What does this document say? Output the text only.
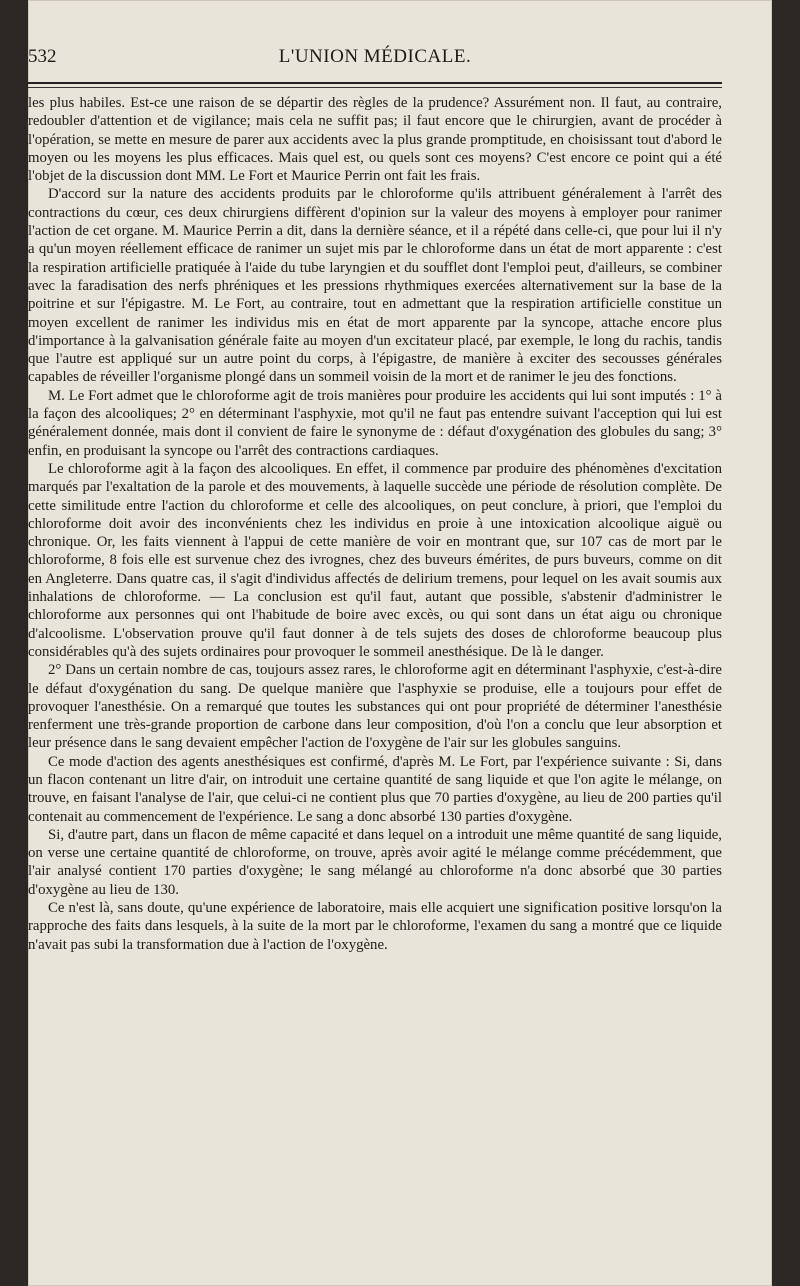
532	L'UNION MÉDICALE.

les plus habiles. Est-ce une raison de se départir des règles de la prudence? Assurément non. Il faut, au contraire, redoubler d'attention et de vigilance; mais cela ne suffit pas; il faut encore que le chirurgien, avant de procéder à l'opération, se mette en mesure de parer aux accidents avec la plus grande promptitude, en choisissant tout d'abord le moyen ou les moyens les plus efficaces. Mais quel est, ou quels sont ces moyens? C'est encore ce point qui a été l'objet de la discussion dont MM. Le Fort et Maurice Perrin ont fait les frais.

D'accord sur la nature des accidents produits par le chloroforme qu'ils attribuent généralement à l'arrêt des contractions du cœur, ces deux chirurgiens diffèrent d'opinion sur la valeur des moyens à employer pour ranimer l'action de cet organe. M. Maurice Perrin a dit, dans la dernière séance, et il a répété dans celle-ci, que pour lui il n'y a qu'un moyen réellement efficace de ranimer un sujet mis par le chloroforme dans un état de mort apparente : c'est la respiration artificielle pratiquée à l'aide du tube laryngien et du soufflet dont l'emploi peut, d'ailleurs, se combiner avec la faradisation des nerfs phréniques et les pressions rhythmiques exercées alternativement sur la base de la poitrine et sur l'épigastre. M. Le Fort, au contraire, tout en admettant que la respiration artificielle constitue un moyen excellent de ranimer les individus mis en état de mort apparente par la syncope, attache encore plus d'importance à la galvanisation générale faite au moyen d'un excitateur placé, par exemple, le long du rachis, tandis que l'autre est appliqué sur un autre point du corps, à l'épigastre, de manière à exciter des secousses générales capables de réveiller l'organisme plongé dans un sommeil voisin de la mort et de ranimer le jeu des fonctions.

M. Le Fort admet que le chloroforme agit de trois manières pour produire les accidents qui lui sont imputés : 1° à la façon des alcooliques; 2° en déterminant l'asphyxie, mot qu'il ne faut pas entendre suivant l'acception qui lui est généralement donnée, mais dont il convient de faire le synonyme de : défaut d'oxygénation des globules du sang; 3° enfin, en produisant la syncope ou l'arrêt des contractions cardiaques.

Le chloroforme agit à la façon des alcooliques. En effet, il commence par produire des phénomènes d'excitation marqués par l'exaltation de la parole et des mouvements, à laquelle succède une période de résolution complète. De cette similitude entre l'action du chloroforme et celle des alcooliques, on peut conclure, à priori, que l'emploi du chloroforme doit avoir des inconvénients chez les individus en proie à une intoxication alcoolique aiguë ou chronique. Or, les faits viennent à l'appui de cette manière de voir en montrant que, sur 107 cas de mort par le chloroforme, 8 fois elle est survenue chez des ivrognes, chez des buveurs émérites, de purs buveurs, comme on dit en Angleterre. Dans quatre cas, il s'agit d'individus affectés de delirium tremens, pour lequel on les avait soumis aux inhalations de chloroforme. — La conclusion est qu'il faut, autant que possible, s'abstenir d'administrer le chloroforme aux personnes qui ont l'habitude de boire avec excès, ou qui sont dans un état aigu ou chronique d'alcoolisme. L'observation prouve qu'il faut donner à de tels sujets des doses de chloroforme beaucoup plus considérables qu'à des sujets ordinaires pour provoquer le sommeil anesthésique. De là le danger.

2° Dans un certain nombre de cas, toujours assez rares, le chloroforme agit en déterminant l'asphyxie, c'est-à-dire le défaut d'oxygénation du sang. De quelque manière que l'asphyxie se produise, elle a toujours pour effet de provoquer l'anesthésie. On a remarqué que toutes les substances qui ont pour propriété de déterminer l'anesthésie renferment une très-grande proportion de carbone dans leur composition, d'où l'on a conclu que leur absorption et leur présence dans le sang devaient empêcher l'action de l'oxygène de l'air sur les globules sanguins.

Ce mode d'action des agents anesthésiques est confirmé, d'après M. Le Fort, par l'expérience suivante : Si, dans un flacon contenant un litre d'air, on introduit une certaine quantité de sang liquide et que l'on agite le mélange, on trouve, en faisant l'analyse de l'air, que celui-ci ne contient plus que 70 parties d'oxygène, au lieu de 200 parties qu'il contenait au commencement de l'expérience. Le sang a donc absorbé 130 parties d'oxygène.

Si, d'autre part, dans un flacon de même capacité et dans lequel on a introduit une même quantité de sang liquide, on verse une certaine quantité de chloroforme, on trouve, après avoir agité le mélange comme précédemment, que l'air analysé contient 170 parties d'oxygène; le sang mélangé au chloroforme n'a donc absorbé que 30 parties d'oxygène au lieu de 130.

Ce n'est là, sans doute, qu'une expérience de laboratoire, mais elle acquiert une signification positive lorsqu'on la rapproche des faits dans lesquels, à la suite de la mort par le chloroforme, l'examen du sang a montré que ce liquide n'avait pas subi la transformation due à l'action de l'oxygène.
